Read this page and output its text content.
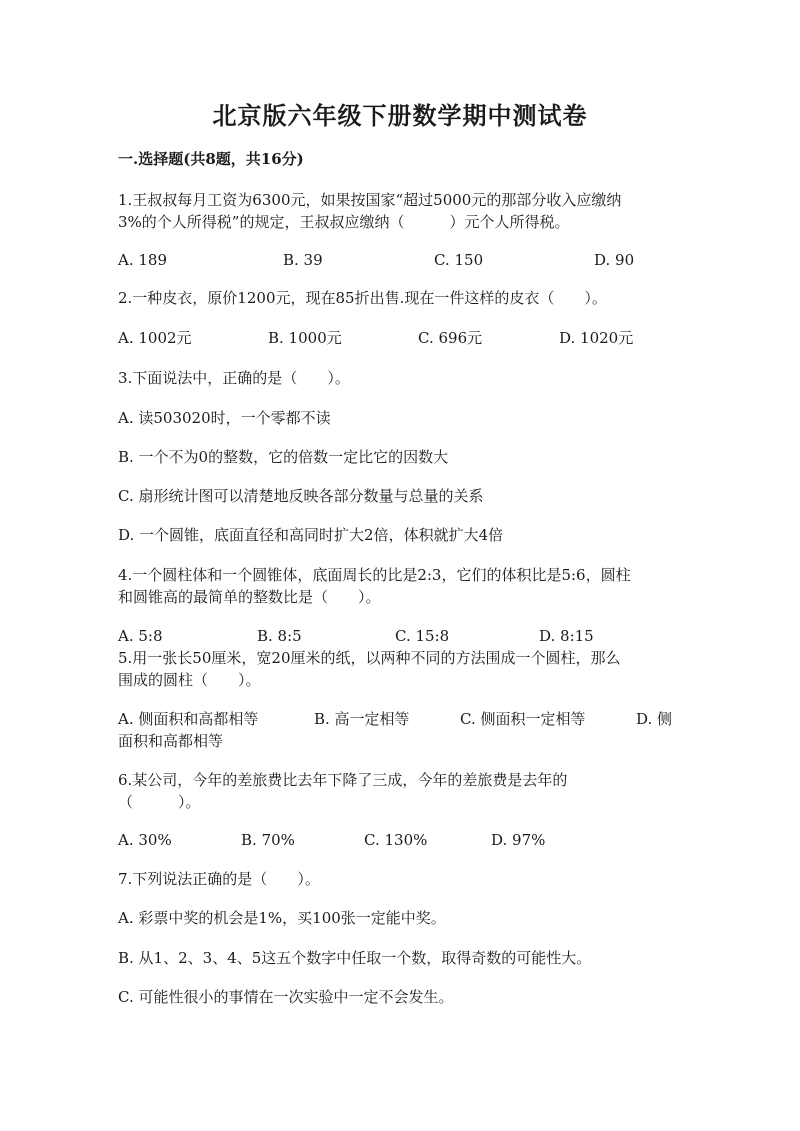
北京版六年级下册数学期中测试卷
一.选择题(共8题，共16分)
1.王叔叔每月工资为6300元，如果按国家“超过5000元的那部分收入应缴纳
3%的个人所得税”的规定，王叔叔应缴纳（　　　）元个人所得税。
A. 189	B. 39	C. 150	D. 90
2.一种皮衣，原价1200元，现在85折出售.现在一件这样的皮衣（　　）。
A. 1002元	B. 1000元	C. 696元	D. 1020元
3.下面说法中，正确的是（　　）。
A. 读503020时，一个零都不读
B. 一个不为0的整数，它的倍数一定比它的因数大
C. 扇形统计图可以清楚地反映各部分数量与总量的关系
D. 一个圆锥，底面直径和高同时扩大2倍，体积就扩大4倍
4.一个圆柱体和一个圆锥体，底面周长的比是2:3，它们的体积比是5:6，圆柱
和圆锥高的最简单的整数比是（　　）。
A. 5:8	B. 8:5	C. 15:8	D. 8:15
5.用一张长50厘米，宽20厘米的纸，以两种不同的方法围成一个圆柱，那么
围成的圆柱（　　）。
A. 侧面积和高都相等	B. 高一定相等	C. 侧面积一定相等	D. 侧
面积和高都相等
6.某公司，今年的差旅费比去年下降了三成，今年的差旅费是去年的
（　　　）。
A. 30%	B. 70%	C. 130%	D. 97%
7.下列说法正确的是（　　）。
A. 彩票中奖的机会是1%，买100张一定能中奖。
B. 从1、2、3、4、5这五个数字中任取一个数，取得奇数的可能性大。
C. 可能性很小的事情在一次实验中一定不会发生。
